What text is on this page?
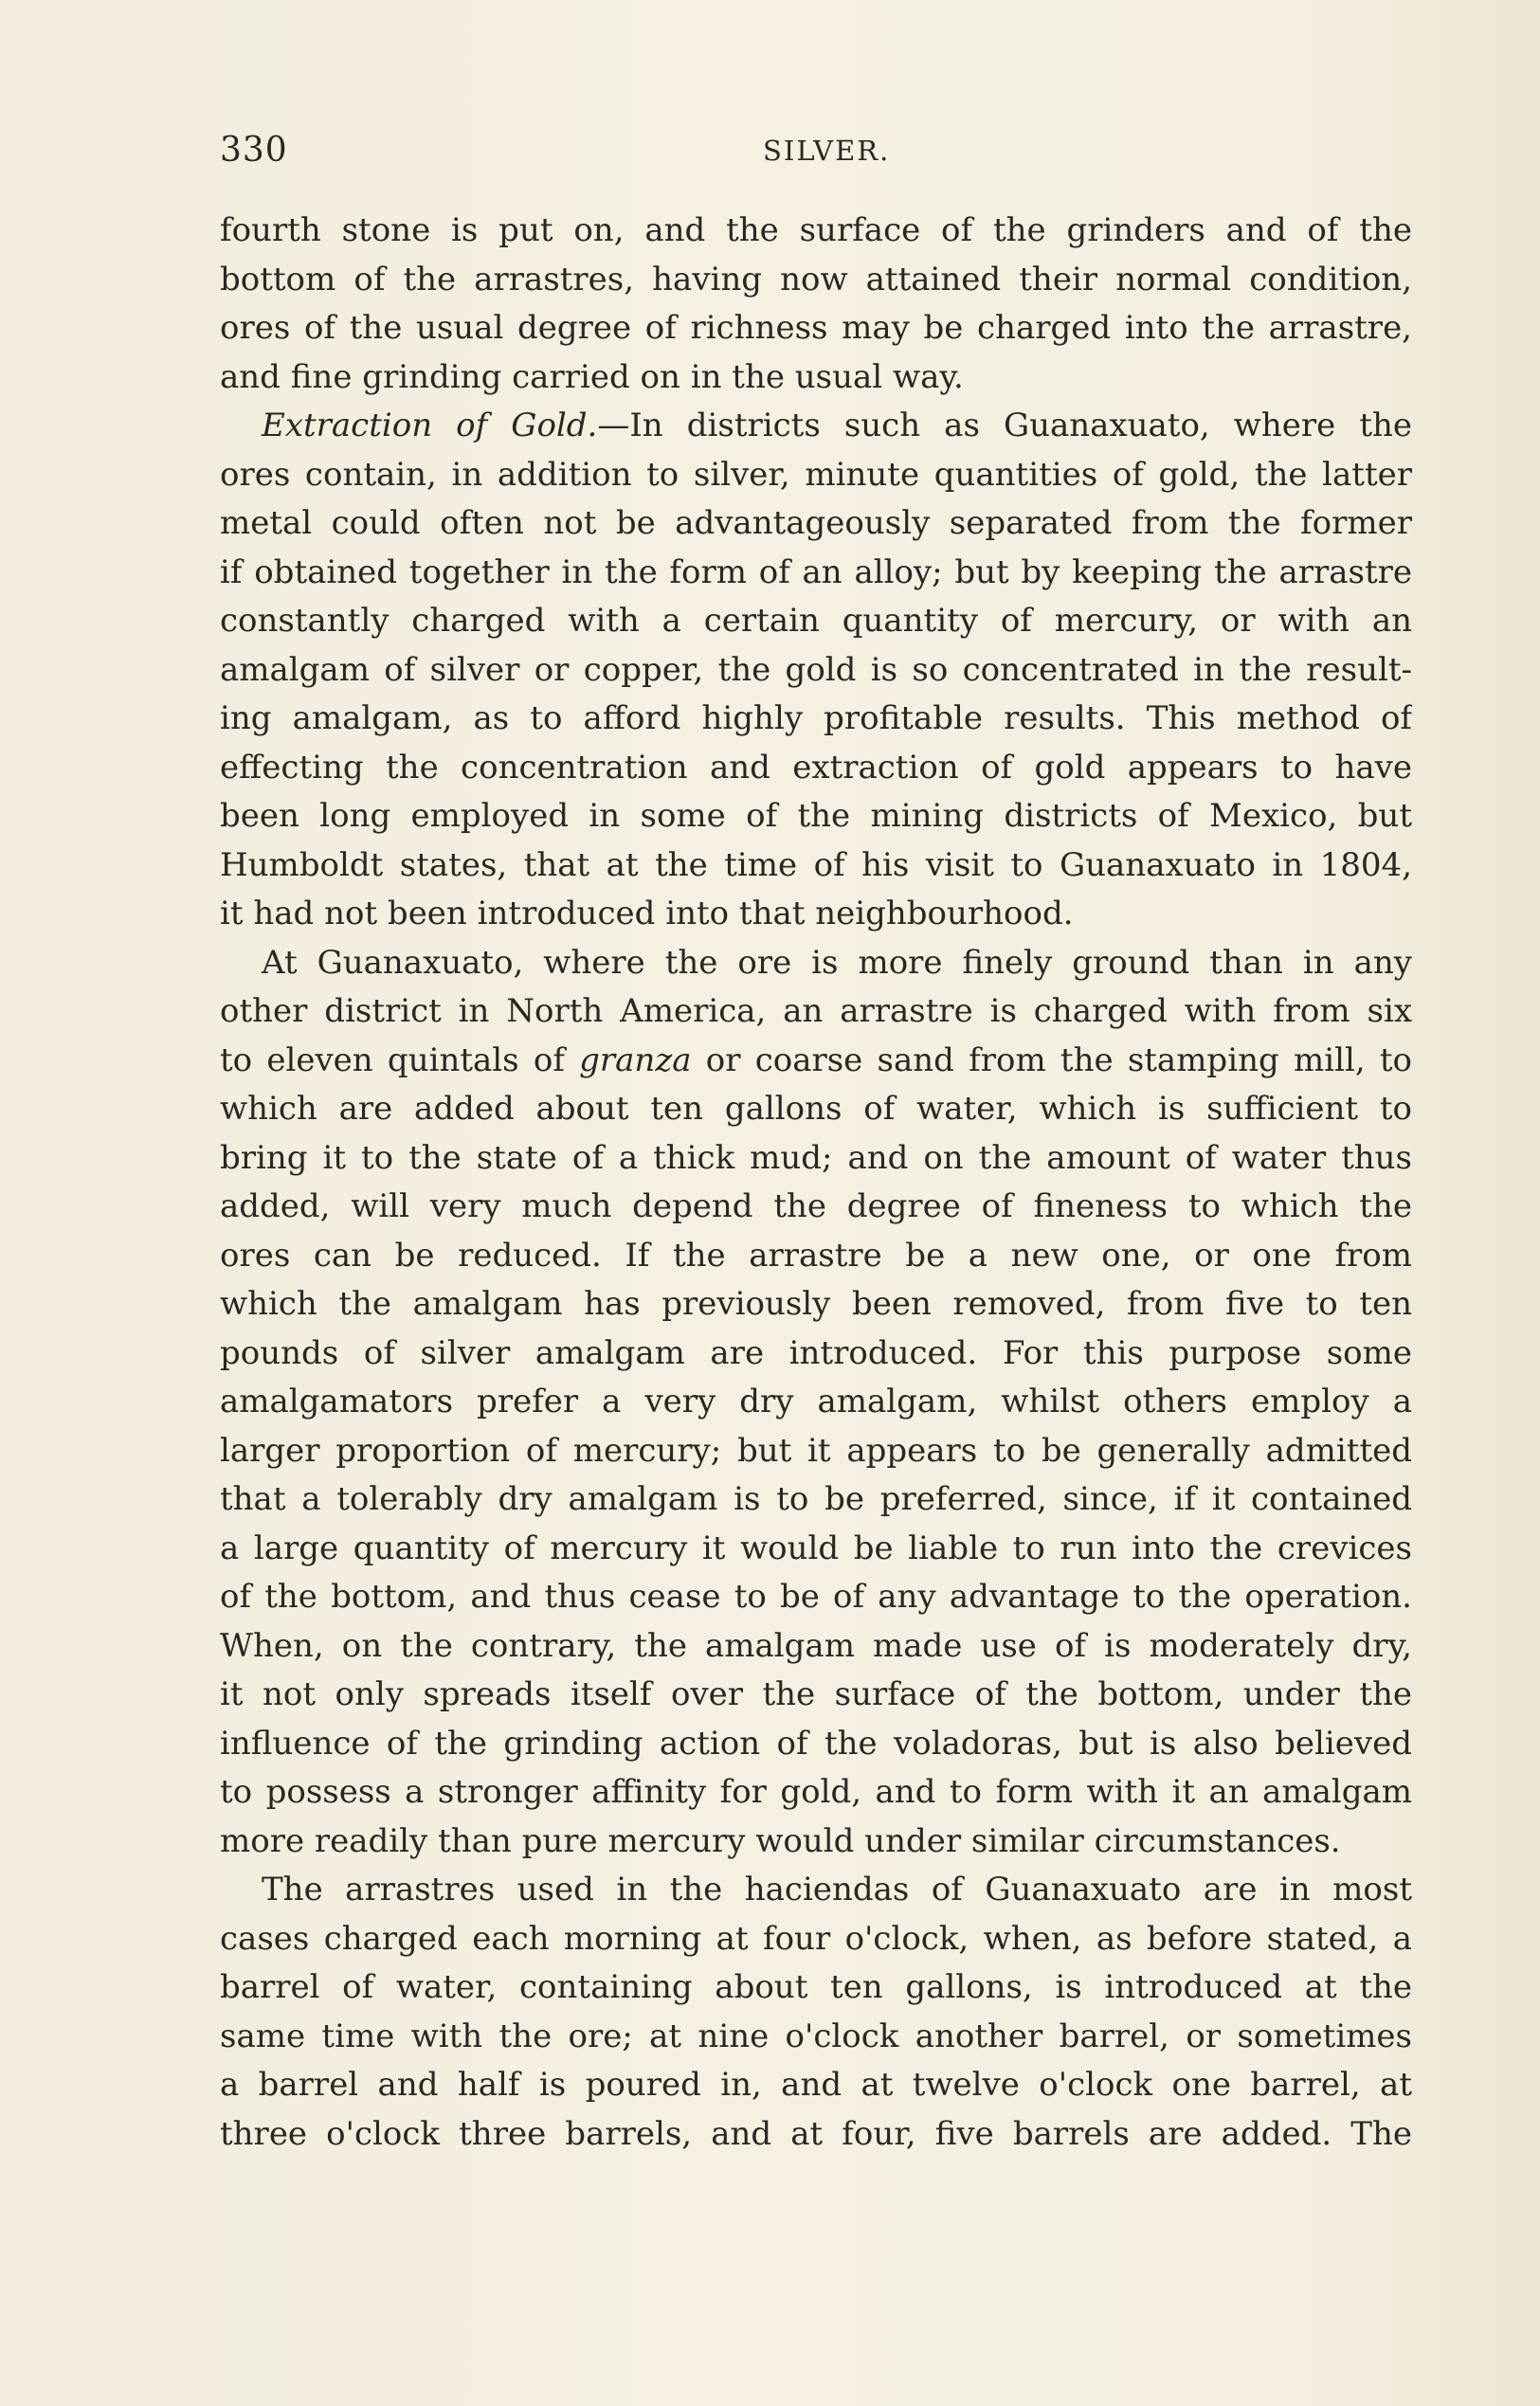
330	SILVER.
fourth stone is put on, and the surface of the grinders and of the
bottom of the arrastres, having now attained their normal condition,
ores of the usual degree of richness may be charged into the arrastre,
and fine grinding carried on in the usual way.
Extraction of Gold.—In districts such as Guanaxuato, where the
ores contain, in addition to silver, minute quantities of gold, the latter
metal could often not be advantageously separated from the former
if obtained together in the form of an alloy; but by keeping the arrastre
constantly charged with a certain quantity of mercury, or with an
amalgam of silver or copper, the gold is so concentrated in the result-
ing amalgam, as to afford highly profitable results. This method of
effecting the concentration and extraction of gold appears to have
been long employed in some of the mining districts of Mexico, but
Humboldt states, that at the time of his visit to Guanaxuato in 1804,
it had not been introduced into that neighbourhood.
At Guanaxuato, where the ore is more finely ground than in any
other district in North America, an arrastre is charged with from six
to eleven quintals of granza or coarse sand from the stamping mill, to
which are added about ten gallons of water, which is sufficient to
bring it to the state of a thick mud; and on the amount of water thus
added, will very much depend the degree of fineness to which the
ores can be reduced. If the arrastre be a new one, or one from
which the amalgam has previously been removed, from five to ten
pounds of silver amalgam are introduced. For this purpose some
amalgamators prefer a very dry amalgam, whilst others employ a
larger proportion of mercury; but it appears to be generally admitted
that a tolerably dry amalgam is to be preferred, since, if it contained
a large quantity of mercury it would be liable to run into the crevices
of the bottom, and thus cease to be of any advantage to the operation.
When, on the contrary, the amalgam made use of is moderately dry,
it not only spreads itself over the surface of the bottom, under the
influence of the grinding action of the voladoras, but is also believed
to possess a stronger affinity for gold, and to form with it an amalgam
more readily than pure mercury would under similar circumstances.
The arrastres used in the haciendas of Guanaxuato are in most
cases charged each morning at four o'clock, when, as before stated, a
barrel of water, containing about ten gallons, is introduced at the
same time with the ore; at nine o'clock another barrel, or sometimes
a barrel and half is poured in, and at twelve o'clock one barrel, at
three o'clock three barrels, and at four, five barrels are added. The
